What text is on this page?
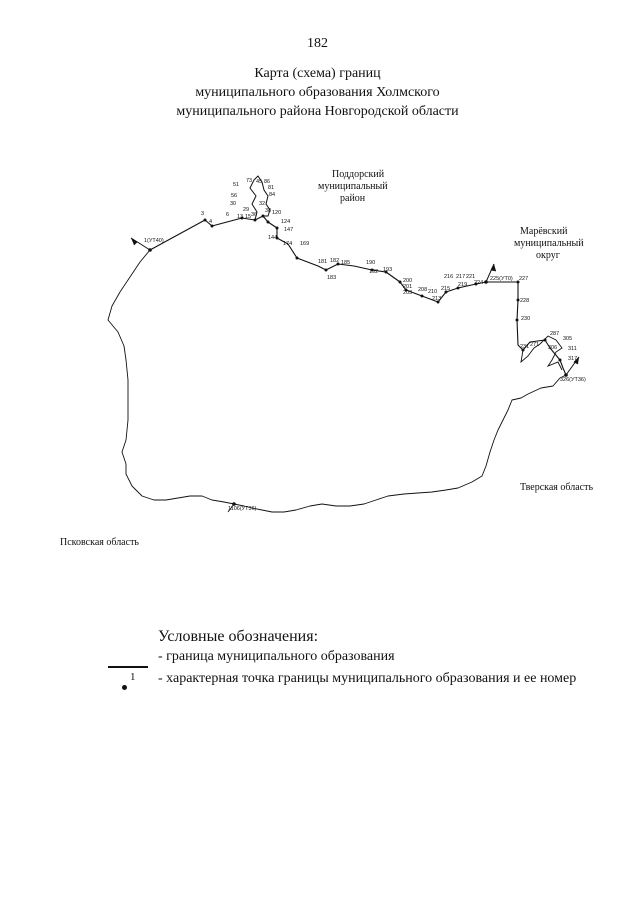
182
Карта (схема) границ
муниципального образования Холмского
муниципального района Новгородской области
1(УТ40)
3
4
6 13 15
29
30	32
36
38
45
51
56
73
81
84
86
120
124
144
147
169
174
181 182
183
185	190
192 193
200
201
203 208 210
213
215
216 217
219
221
224
225(УТ0) 227
228
230
231 271
287
305
306 311
317
326(УТ36)
1106(УТ36)
Поддорский
муниципальный
район
Марёвский
муниципальный
округ
Тверская область
Псковская область
Условные обозначения:
- граница муниципального образования
1 - характерная точка границы муниципального образования и ее номер
